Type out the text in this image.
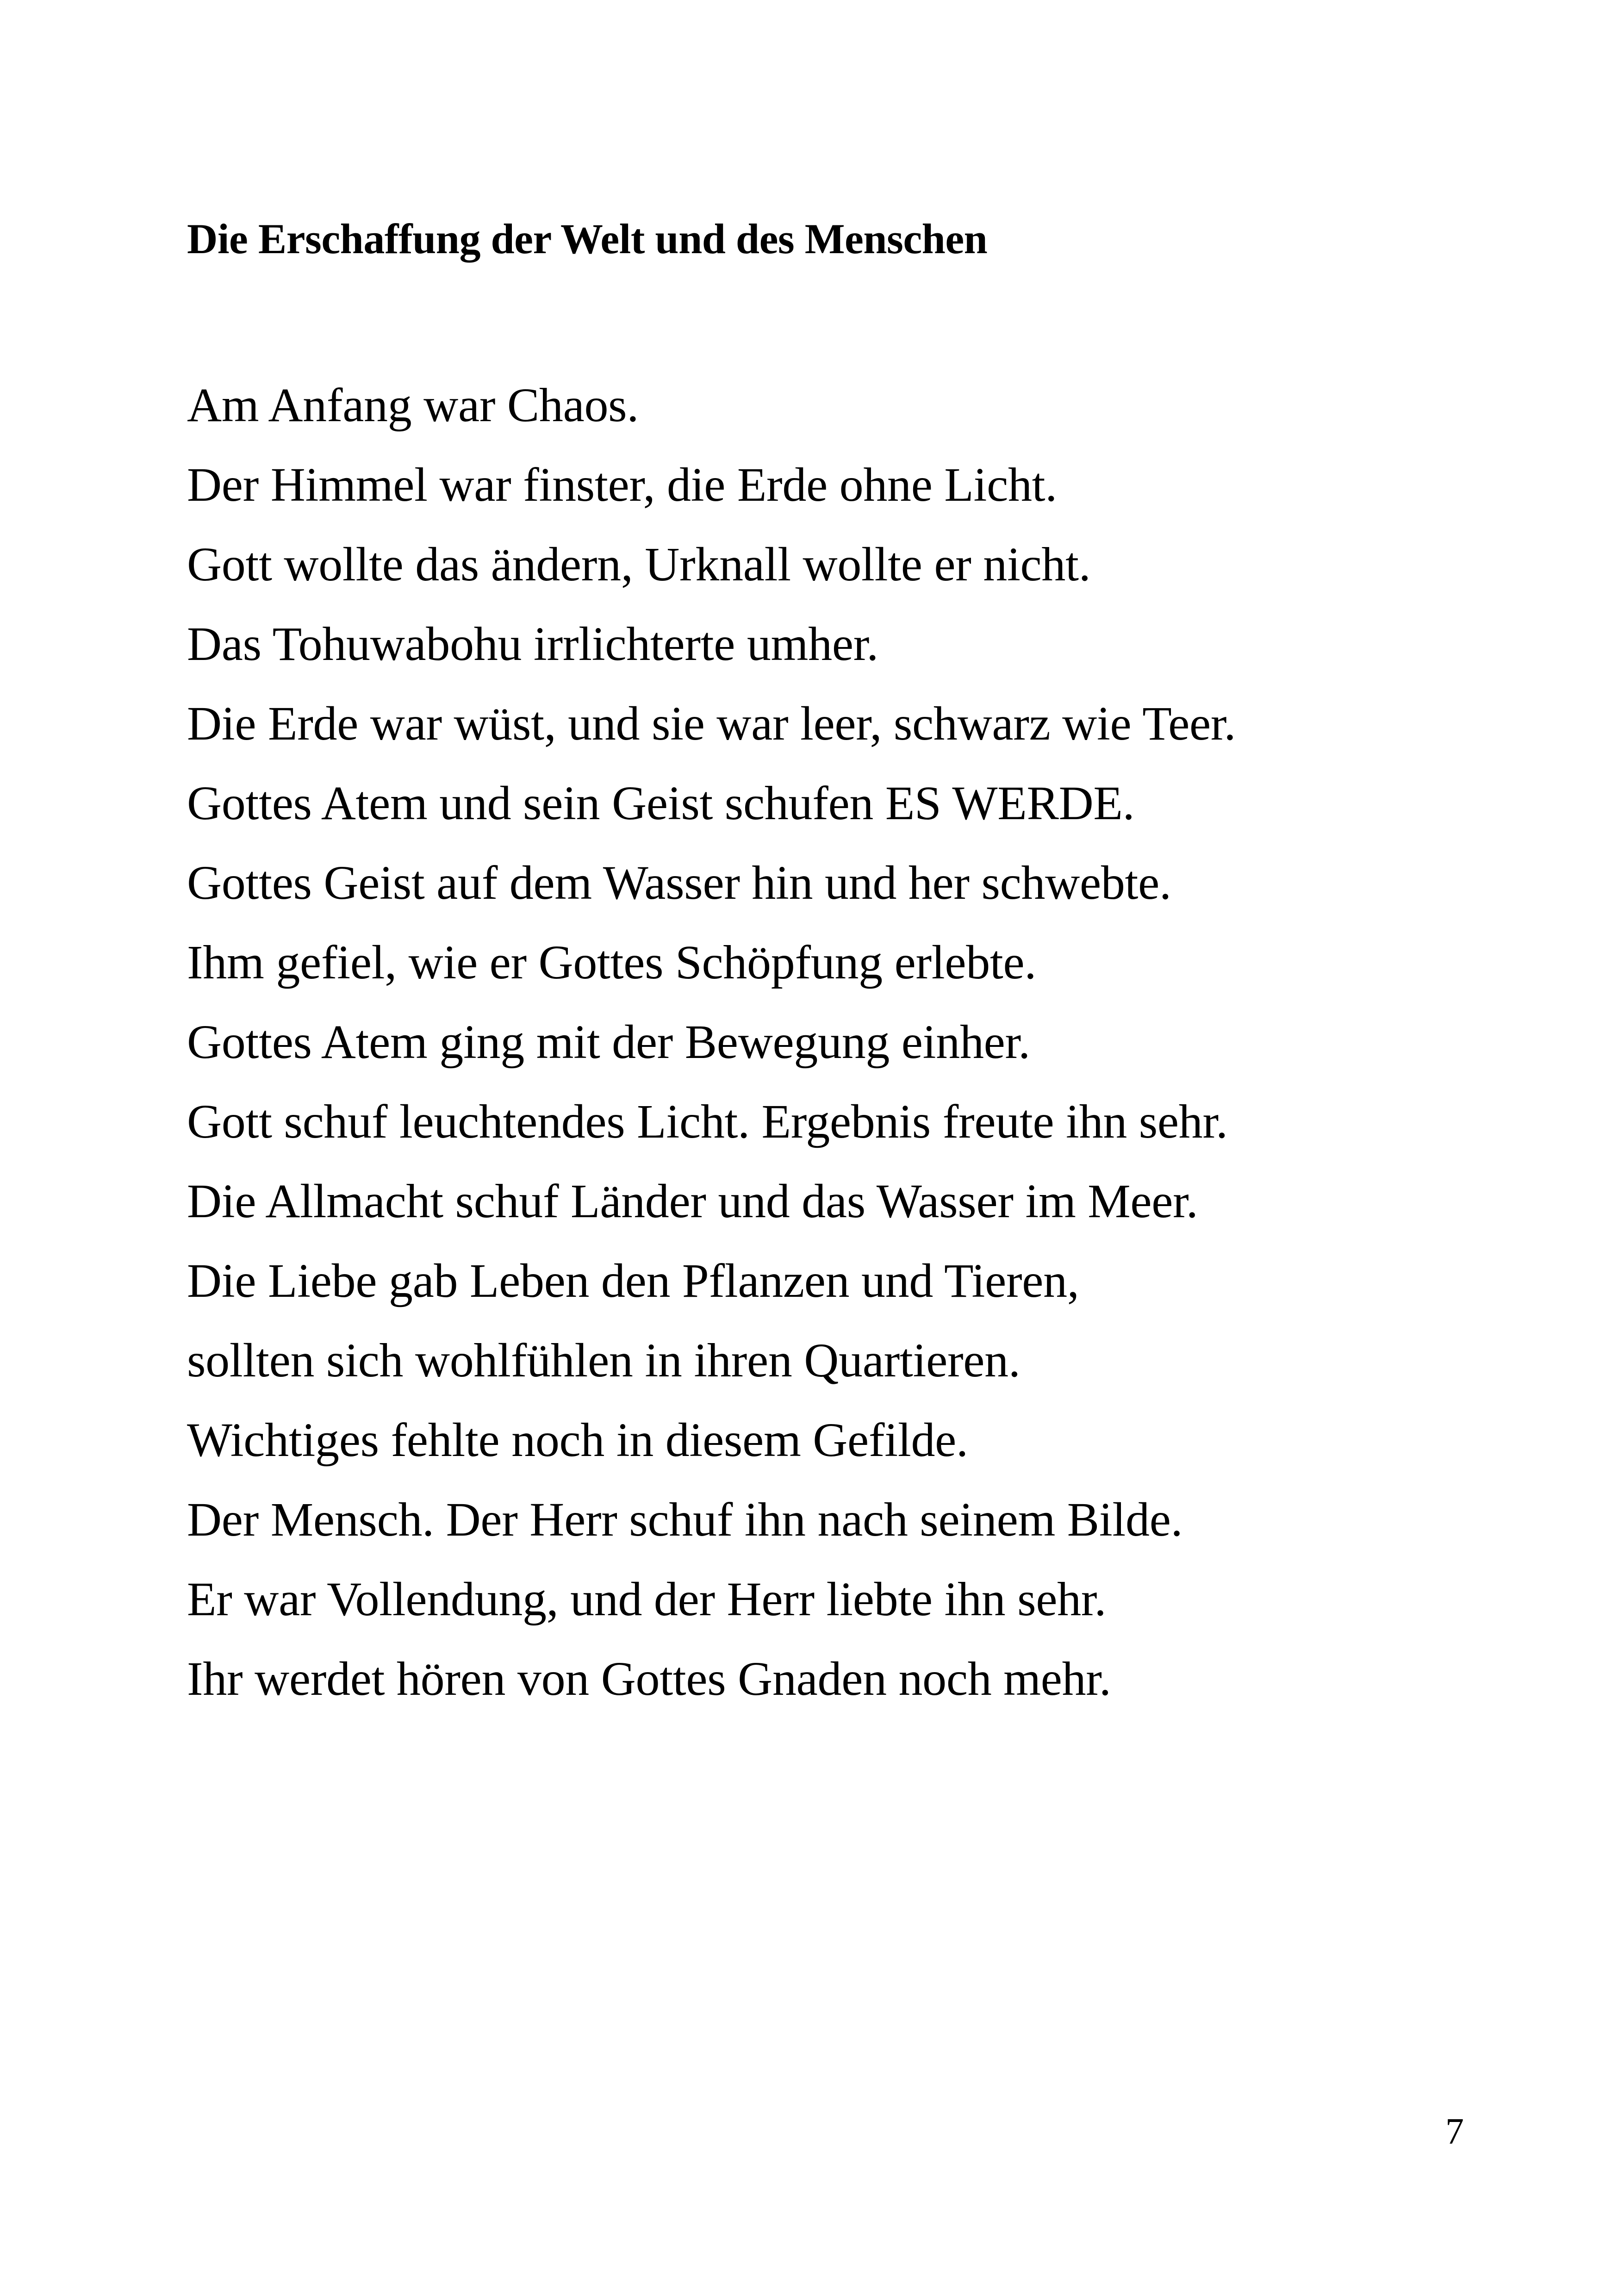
Die Erschaffung der Welt und des Menschen
Am Anfang war Chaos.
Der Himmel war finster, die Erde ohne Licht.
Gott wollte das ändern, Urknall wollte er nicht.
Das Tohuwabohu irrlichterte umher.
Die Erde war wüst, und sie war leer, schwarz wie Teer.
Gottes Atem und sein Geist schufen ES WERDE.
Gottes Geist auf dem Wasser hin und her schwebte.
Ihm gefiel, wie er Gottes Schöpfung erlebte.
Gottes Atem ging mit der Bewegung einher.
Gott schuf leuchtendes Licht. Ergebnis freute ihn sehr.
Die Allmacht schuf Länder und das Wasser im Meer.
Die Liebe gab Leben den Pflanzen und Tieren,
sollten sich wohlfühlen in ihren Quartieren.
Wichtiges fehlte noch in diesem Gefilde.
Der Mensch. Der Herr schuf ihn nach seinem Bilde.
Er war Vollendung, und der Herr liebte ihn sehr.
Ihr werdet hören von Gottes Gnaden noch mehr.
7
